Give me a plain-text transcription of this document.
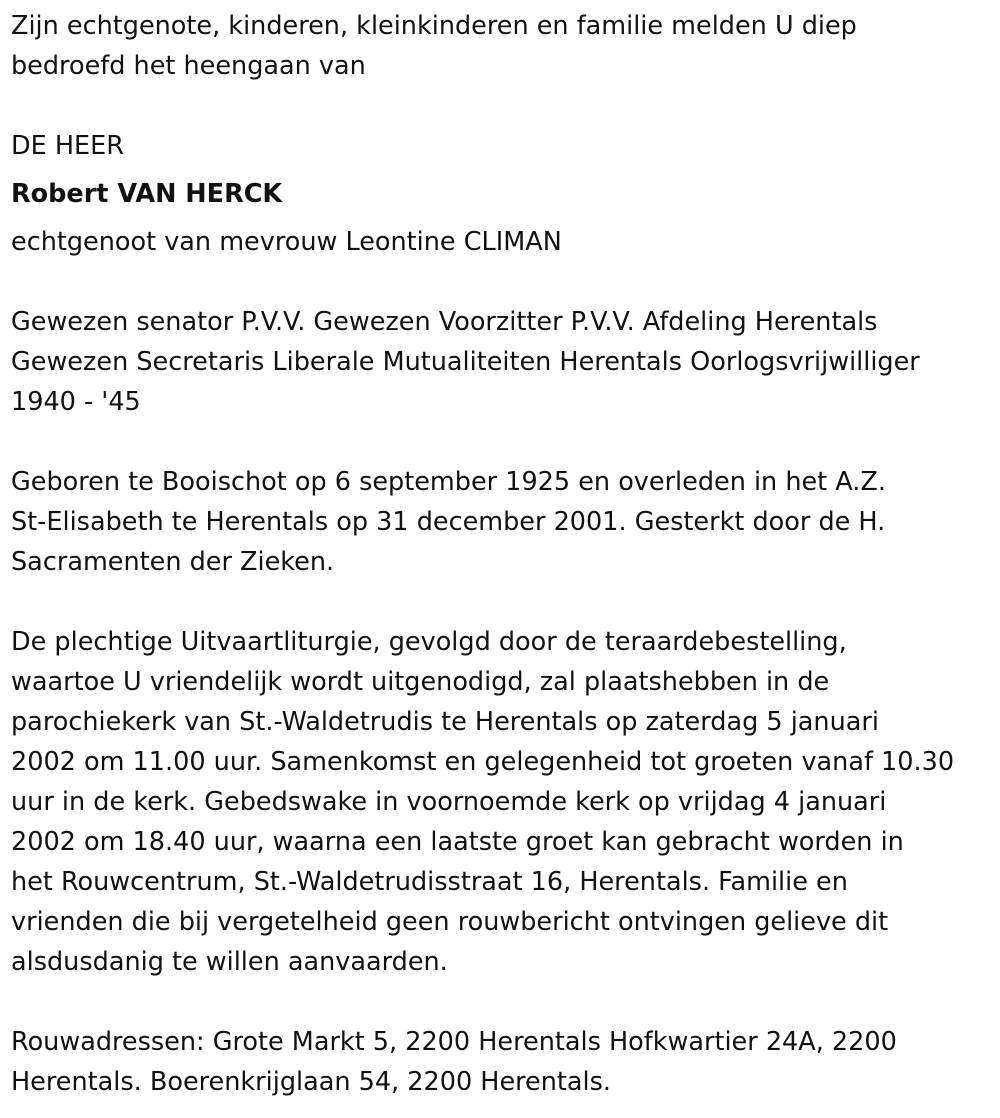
Zijn echtgenote, kinderen, kleinkinderen en familie melden U diep
bedroefd het heengaan van
DE HEER
Robert VAN HERCK
echtgenoot van mevrouw Leontine CLIMAN
Gewezen senator P.V.V. Gewezen Voorzitter P.V.V. Afdeling Herentals
Gewezen Secretaris Liberale Mutualiteiten Herentals Oorlogsvrijwilliger
1940 - '45
Geboren te Booischot op 6 september 1925 en overleden in het A.Z.
St-Elisabeth te Herentals op 31 december 2001. Gesterkt door de H.
Sacramenten der Zieken.
De plechtige Uitvaartliturgie, gevolgd door de teraardebestelling,
waartoe U vriendelijk wordt uitgenodigd, zal plaatshebben in de
parochiekerk van St.-Waldetrudis te Herentals op zaterdag 5 januari
2002 om 11.00 uur. Samenkomst en gelegenheid tot groeten vanaf 10.30
uur in de kerk. Gebedswake in voornoemde kerk op vrijdag 4 januari
2002 om 18.40 uur, waarna een laatste groet kan gebracht worden in
het Rouwcentrum, St.-Waldetrudisstraat 16, Herentals. Familie en
vrienden die bij vergetelheid geen rouwbericht ontvingen gelieve dit
alsdusdanig te willen aanvaarden.
Rouwadressen: Grote Markt 5, 2200 Herentals Hofkwartier 24A, 2200
Herentals. Boerenkrijglaan 54, 2200 Herentals.
